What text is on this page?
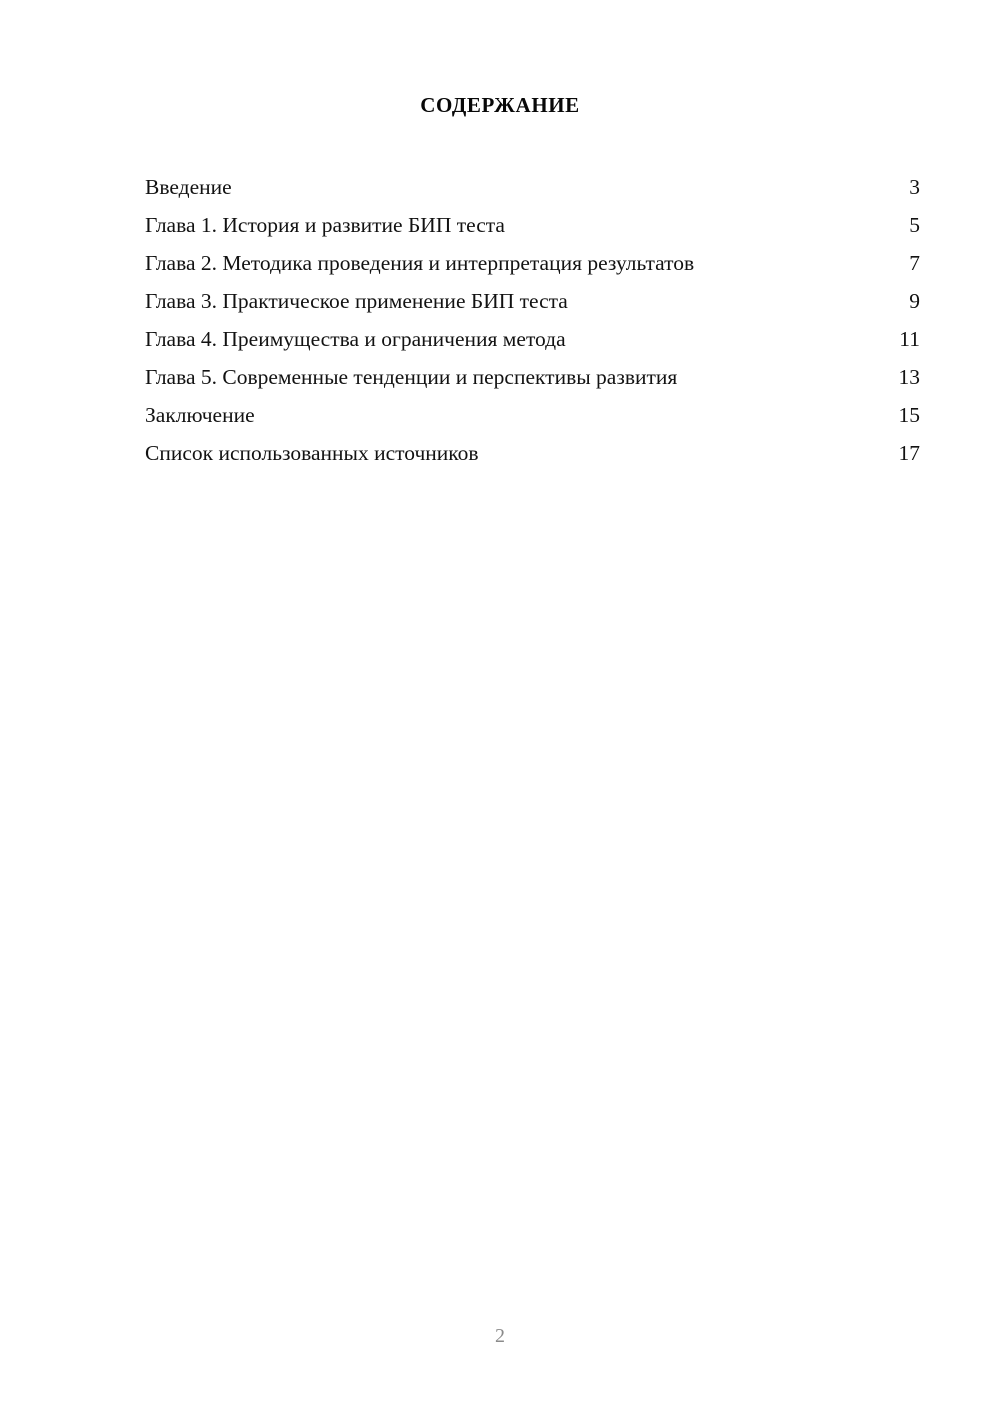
СОДЕРЖАНИЕ
Введение	3
Глава 1. История и развитие БИП теста	5
Глава 2. Методика проведения и интерпретация результатов	7
Глава 3. Практическое применение БИП теста	9
Глава 4. Преимущества и ограничения метода	11
Глава 5. Современные тенденции и перспективы развития	13
Заключение	15
Список использованных источников	17
2
